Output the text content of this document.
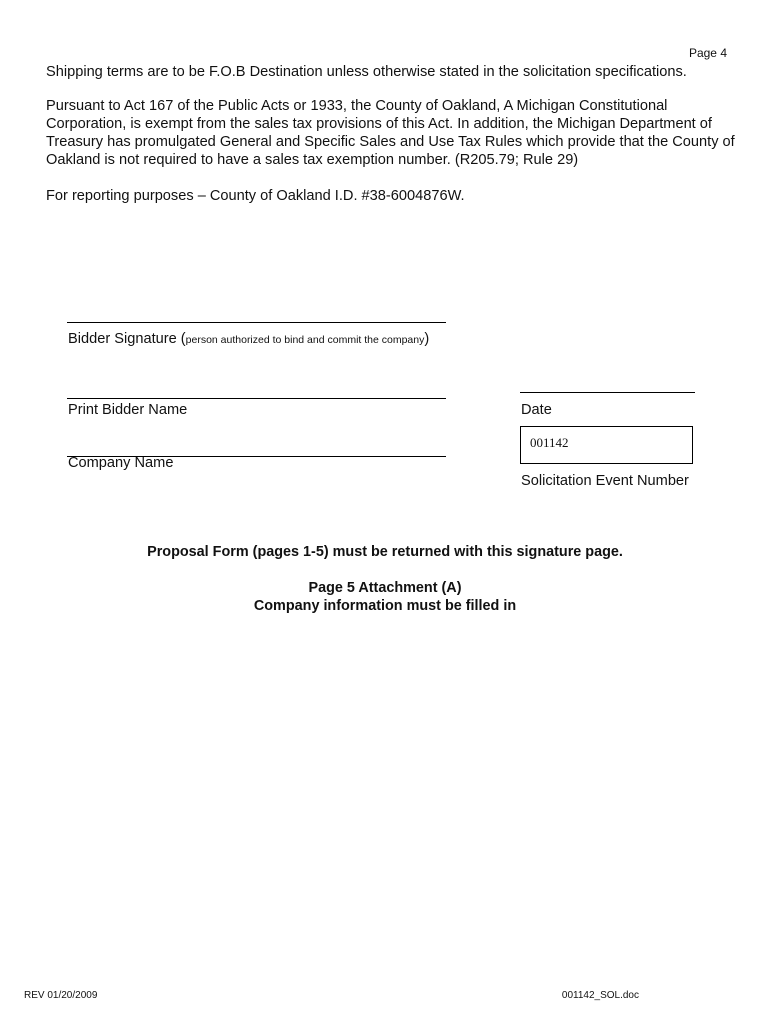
Page 4

Shipping terms are to be F.O.B Destination unless otherwise stated in the solicitation specifications.

Pursuant to Act 167 of the Public Acts or 1933, the County of Oakland, A Michigan Constitutional Corporation, is exempt from the sales tax provisions of this Act. In addition, the Michigan Department of Treasury has promulgated General and Specific Sales and Use Tax Rules which provide that the County of Oakland is not required to have a sales tax exemption number. (R205.79; Rule 29)

For reporting purposes – County of Oakland I.D. #38-6004876W.

Bidder Signature (person authorized to bind and commit the company)
Print Bidder Name	Date
001142
Solicitation Event Number
Company Name
Proposal Form (pages 1-5) must be returned with this signature page.
Page 5 Attachment (A)
Company information must be filled in
REV 01/20/2009	001142_SOL.doc
